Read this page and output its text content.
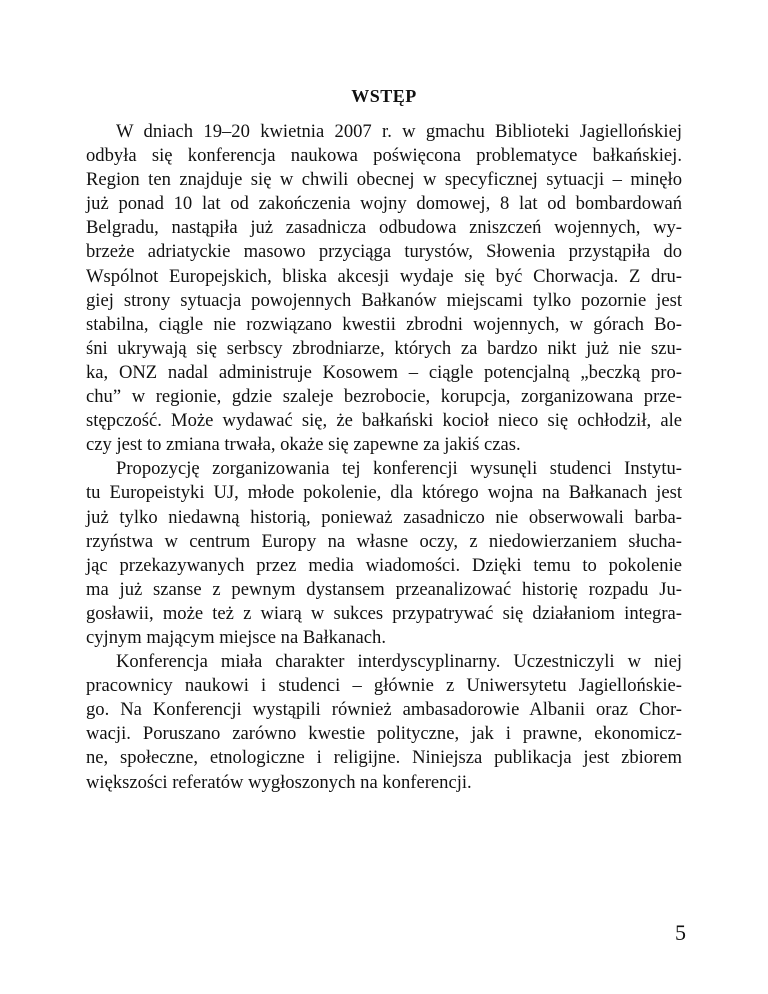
WSTĘP
W dniach 19–20 kwietnia 2007 r. w gmachu Biblioteki Jagiellońskiej
odbyła się konferencja naukowa poświęcona problematyce bałkańskiej.
Region ten znajduje się w chwili obecnej w specyficznej sytuacji – minęło
już ponad 10 lat od zakończenia wojny domowej, 8 lat od bombardowań
Belgradu, nastąpiła już zasadnicza odbudowa zniszczeń wojennych, wy-
brzeże adriatyckie masowo przyciąga turystów, Słowenia przystąpiła do
Wspólnot Europejskich, bliska akcesji wydaje się być Chorwacja. Z dru-
giej strony sytuacja powojennych Bałkanów miejscami tylko pozornie jest
stabilna, ciągle nie rozwiązano kwestii zbrodni wojennych, w górach Bo-
śni ukrywają się serbscy zbrodniarze, których za bardzo nikt już nie szu-
ka, ONZ nadal administruje Kosowem – ciągle potencjalną „beczką pro-
chu” w regionie, gdzie szaleje bezrobocie, korupcja, zorganizowana prze-
stępczość. Może wydawać się, że bałkański kocioł nieco się ochłodził, ale
czy jest to zmiana trwała, okaże się zapewne za jakiś czas.
Propozycję zorganizowania tej konferencji wysunęli studenci Instytu-
tu Europeistyki UJ, młode pokolenie, dla którego wojna na Bałkanach jest
już tylko niedawną historią, ponieważ zasadniczo nie obserwowali barba-
rzyństwa w centrum Europy na własne oczy, z niedowierzaniem słucha-
jąc przekazywanych przez media wiadomości. Dzięki temu to pokolenie
ma już szanse z pewnym dystansem przeanalizować historię rozpadu Ju-
gosławii, może też z wiarą w sukces przypatrywać się działaniom integra-
cyjnym mającym miejsce na Bałkanach.
Konferencja miała charakter interdyscyplinarny. Uczestniczyli w niej
pracownicy naukowi i studenci – głównie z Uniwersytetu Jagiellońskie-
go. Na Konferencji wystąpili również ambasadorowie Albanii oraz Chor-
wacji. Poruszano zarówno kwestie polityczne, jak i prawne, ekonomicz-
ne, społeczne, etnologiczne i religijne. Niniejsza publikacja jest zbiorem
większości referatów wygłoszonych na konferencji.
5
